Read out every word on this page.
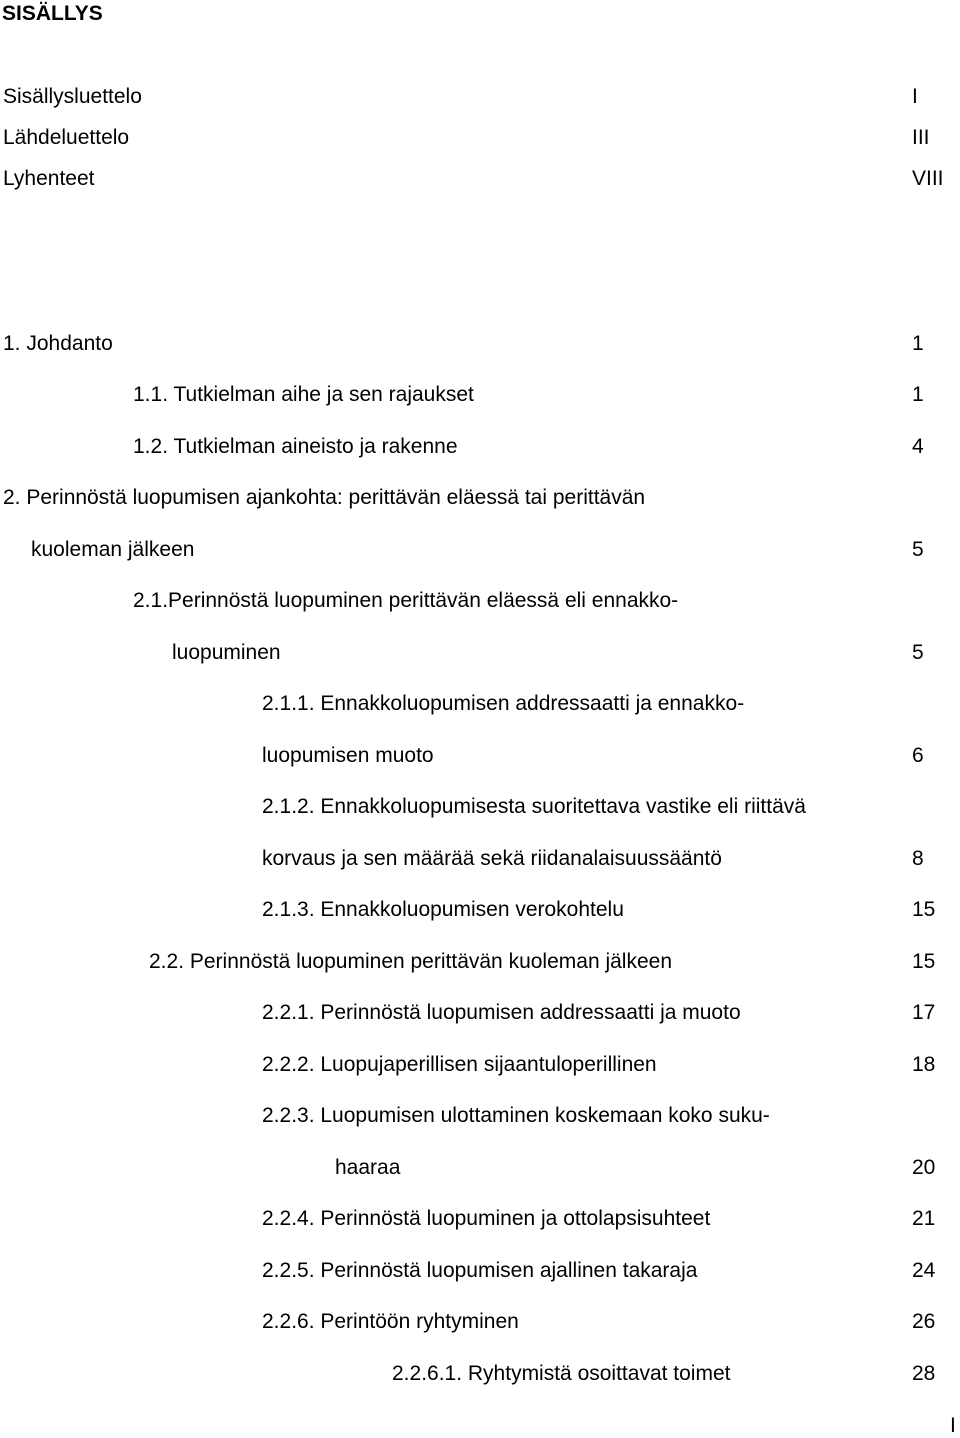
SISÄLLYS
Sisällysluettelo	I
Lähdeluettelo	III
Lyhenteet	VIII
1. Johdanto	1
1.1. Tutkielman aihe ja sen rajaukset	1
1.2. Tutkielman aineisto ja rakenne	4
2. Perinnöstä luopumisen ajankohta: perittävän eläessä tai perittävän
kuoleman jälkeen	5
2.1.Perinnöstä luopuminen perittävän eläessä eli ennakko-
luopuminen	5
2.1.1. Ennakkoluopumisen addressaatti ja ennakko-
luopumisen muoto	6
2.1.2. Ennakkoluopumisesta suoritettava vastike eli riittävä
korvaus ja sen määrää sekä riidanalaisuussääntö	8
2.1.3. Ennakkoluopumisen verokohtelu	15
2.2. Perinnöstä luopuminen perittävän kuoleman jälkeen	15
2.2.1. Perinnöstä luopumisen addressaatti ja muoto	17
2.2.2. Luopujaperillisen sijaantuloperillinen	18
2.2.3. Luopumisen ulottaminen koskemaan koko suku-
haaraa	20
2.2.4. Perinnöstä luopuminen ja ottolapsisuhteet	21
2.2.5. Perinnöstä luopumisen ajallinen takaraja	24
2.2.6. Perintöön ryhtyminen	26
2.2.6.1. Ryhtymistä osoittavat toimet	28
I
